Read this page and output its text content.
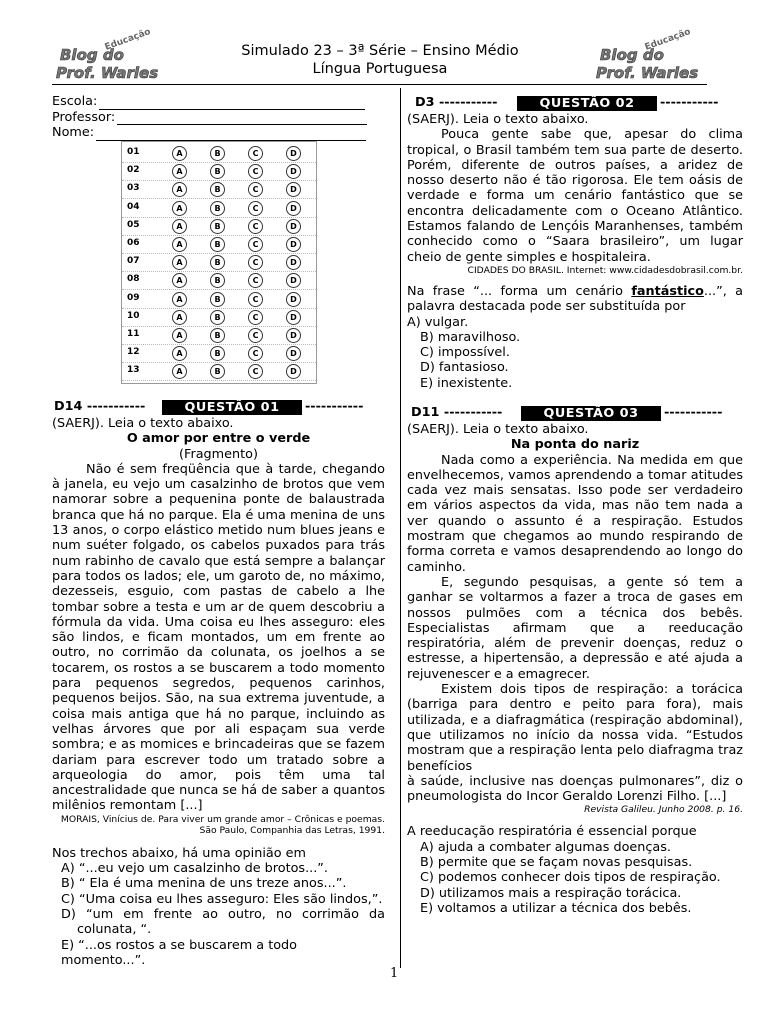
Educação
Blog do
Prof. Warles
Educação
Blog do
Prof. Warles
Simulado 23 – 3ª Série – Ensino Médio
Língua Portuguesa
Escola:
Professor:
Nome:
01	A	B	C	D
02	A	B	C	D
03	A	B	C	D
04	A	B	C	D
05	A	B	C	D
06	A	B	C	D
07	A	B	C	D
08	A	B	C	D
09	A	B	C	D
10	A	B	C	D
11	A	B	C	D
12	A	B	C	D
13	A	B	C	D
D14 -----------	QUESTÃO 01	-----------

(SAERJ). Leia o texto abaixo.

O amor por entre o verde

(Fragmento)

Não é sem freqüência que à tarde, chegando à janela, eu vejo um casalzinho de brotos que vem namorar sobre a pequenina ponte de balaustrada branca que há no parque. Ela é uma menina de uns 13 anos, o corpo elástico metido num blues jeans e num suéter folgado, os cabelos puxados para trás num rabinho de cavalo que está sempre a balançar para todos os lados; ele, um garoto de, no máximo, dezesseis, esguio, com pastas de cabelo a lhe tombar sobre a testa e um ar de quem descobriu a fórmula da vida. Uma coisa eu lhes asseguro: eles são lindos, e ficam montados, um em frente ao outro, no corrimão da colunata, os joelhos a se tocarem, os rostos a se buscarem a todo momento para pequenos segredos, pequenos carinhos, pequenos beijos. São, na sua extrema juventude, a coisa mais antiga que há no parque, incluindo as velhas árvores que por ali espaçam sua verde sombra; e as momices e brincadeiras que se fazem dariam para escrever todo um tratado sobre a arqueologia do amor, pois têm uma tal ancestralidade que nunca se há de saber a quantos milênios remontam [...]

MORAIS, Vinícius de. Para viver um grande amor – Crônicas e poemas.
São Paulo, Companhia das Letras, 1991.

Nos trechos abaixo, há uma opinião em

A) “...eu vejo um casalzinho de brotos...”.

B) “ Ela é uma menina de uns treze anos...”.

C) “Uma coisa eu lhes asseguro: Eles são lindos,”.

D) “um em frente ao outro, no corrimão da colunata, “.

E) “...os rostos a se buscarem a todo momento...”.

D3 -----------	QUESTÃO 02	-----------

(SAERJ). Leia o texto abaixo.

Pouca gente sabe que, apesar do clima tropical, o Brasil também tem sua parte de deserto. Porém, diferente de outros países, a aridez de nosso deserto não é tão rigorosa. Ele tem oásis de verdade e forma um cenário fantástico que se encontra delicadamente com o Oceano Atlântico. Estamos falando de Lençóis Maranhenses, também conhecido como o “Saara brasileiro”, um lugar cheio de gente simples e hospitaleira.

CIDADES DO BRASIL. Internet: www.cidadesdobrasil.com.br.

Na frase “... forma um cenário fantástico...”, a palavra destacada pode ser substituída por

A) vulgar.

B) maravilhoso.

C) impossível.

D) fantasioso.

E) inexistente.

D11 -----------	QUESTÃO 03	-----------

(SAERJ). Leia o texto abaixo.

Na ponta do nariz

Nada como a experiência. Na medida em que envelhecemos, vamos aprendendo a tomar atitudes cada vez mais sensatas. Isso pode ser verdadeiro em vários aspectos da vida, mas não tem nada a ver quando o assunto é a respiração. Estudos mostram que chegamos ao mundo respirando de forma correta e vamos desaprendendo ao longo do caminho.

E, segundo pesquisas, a gente só tem a ganhar se voltarmos a fazer a troca de gases em nossos pulmões com a técnica dos bebês. Especialistas afirmam que a reeducação respiratória, além de prevenir doenças, reduz o estresse, a hipertensão, a depressão e até ajuda a rejuvenescer e a emagrecer.

Existem dois tipos de respiração: a torácica (barriga para dentro e peito para fora), mais utilizada, e a diafragmática (respiração abdominal), que utilizamos no início da nossa vida. “Estudos mostram que a respiração lenta pelo diafragma traz benefícios

à saúde, inclusive nas doenças pulmonares”, diz o pneumologista do Incor Geraldo Lorenzi Filho. [...]

Revista Galileu. Junho 2008. p. 16.

A reeducação respiratória é essencial porque

A) ajuda a combater algumas doenças.

B) permite que se façam novas pesquisas.

C) podemos conhecer dois tipos de respiração.

D) utilizamos mais a respiração torácica.

E) voltamos a utilizar a técnica dos bebês.

1
